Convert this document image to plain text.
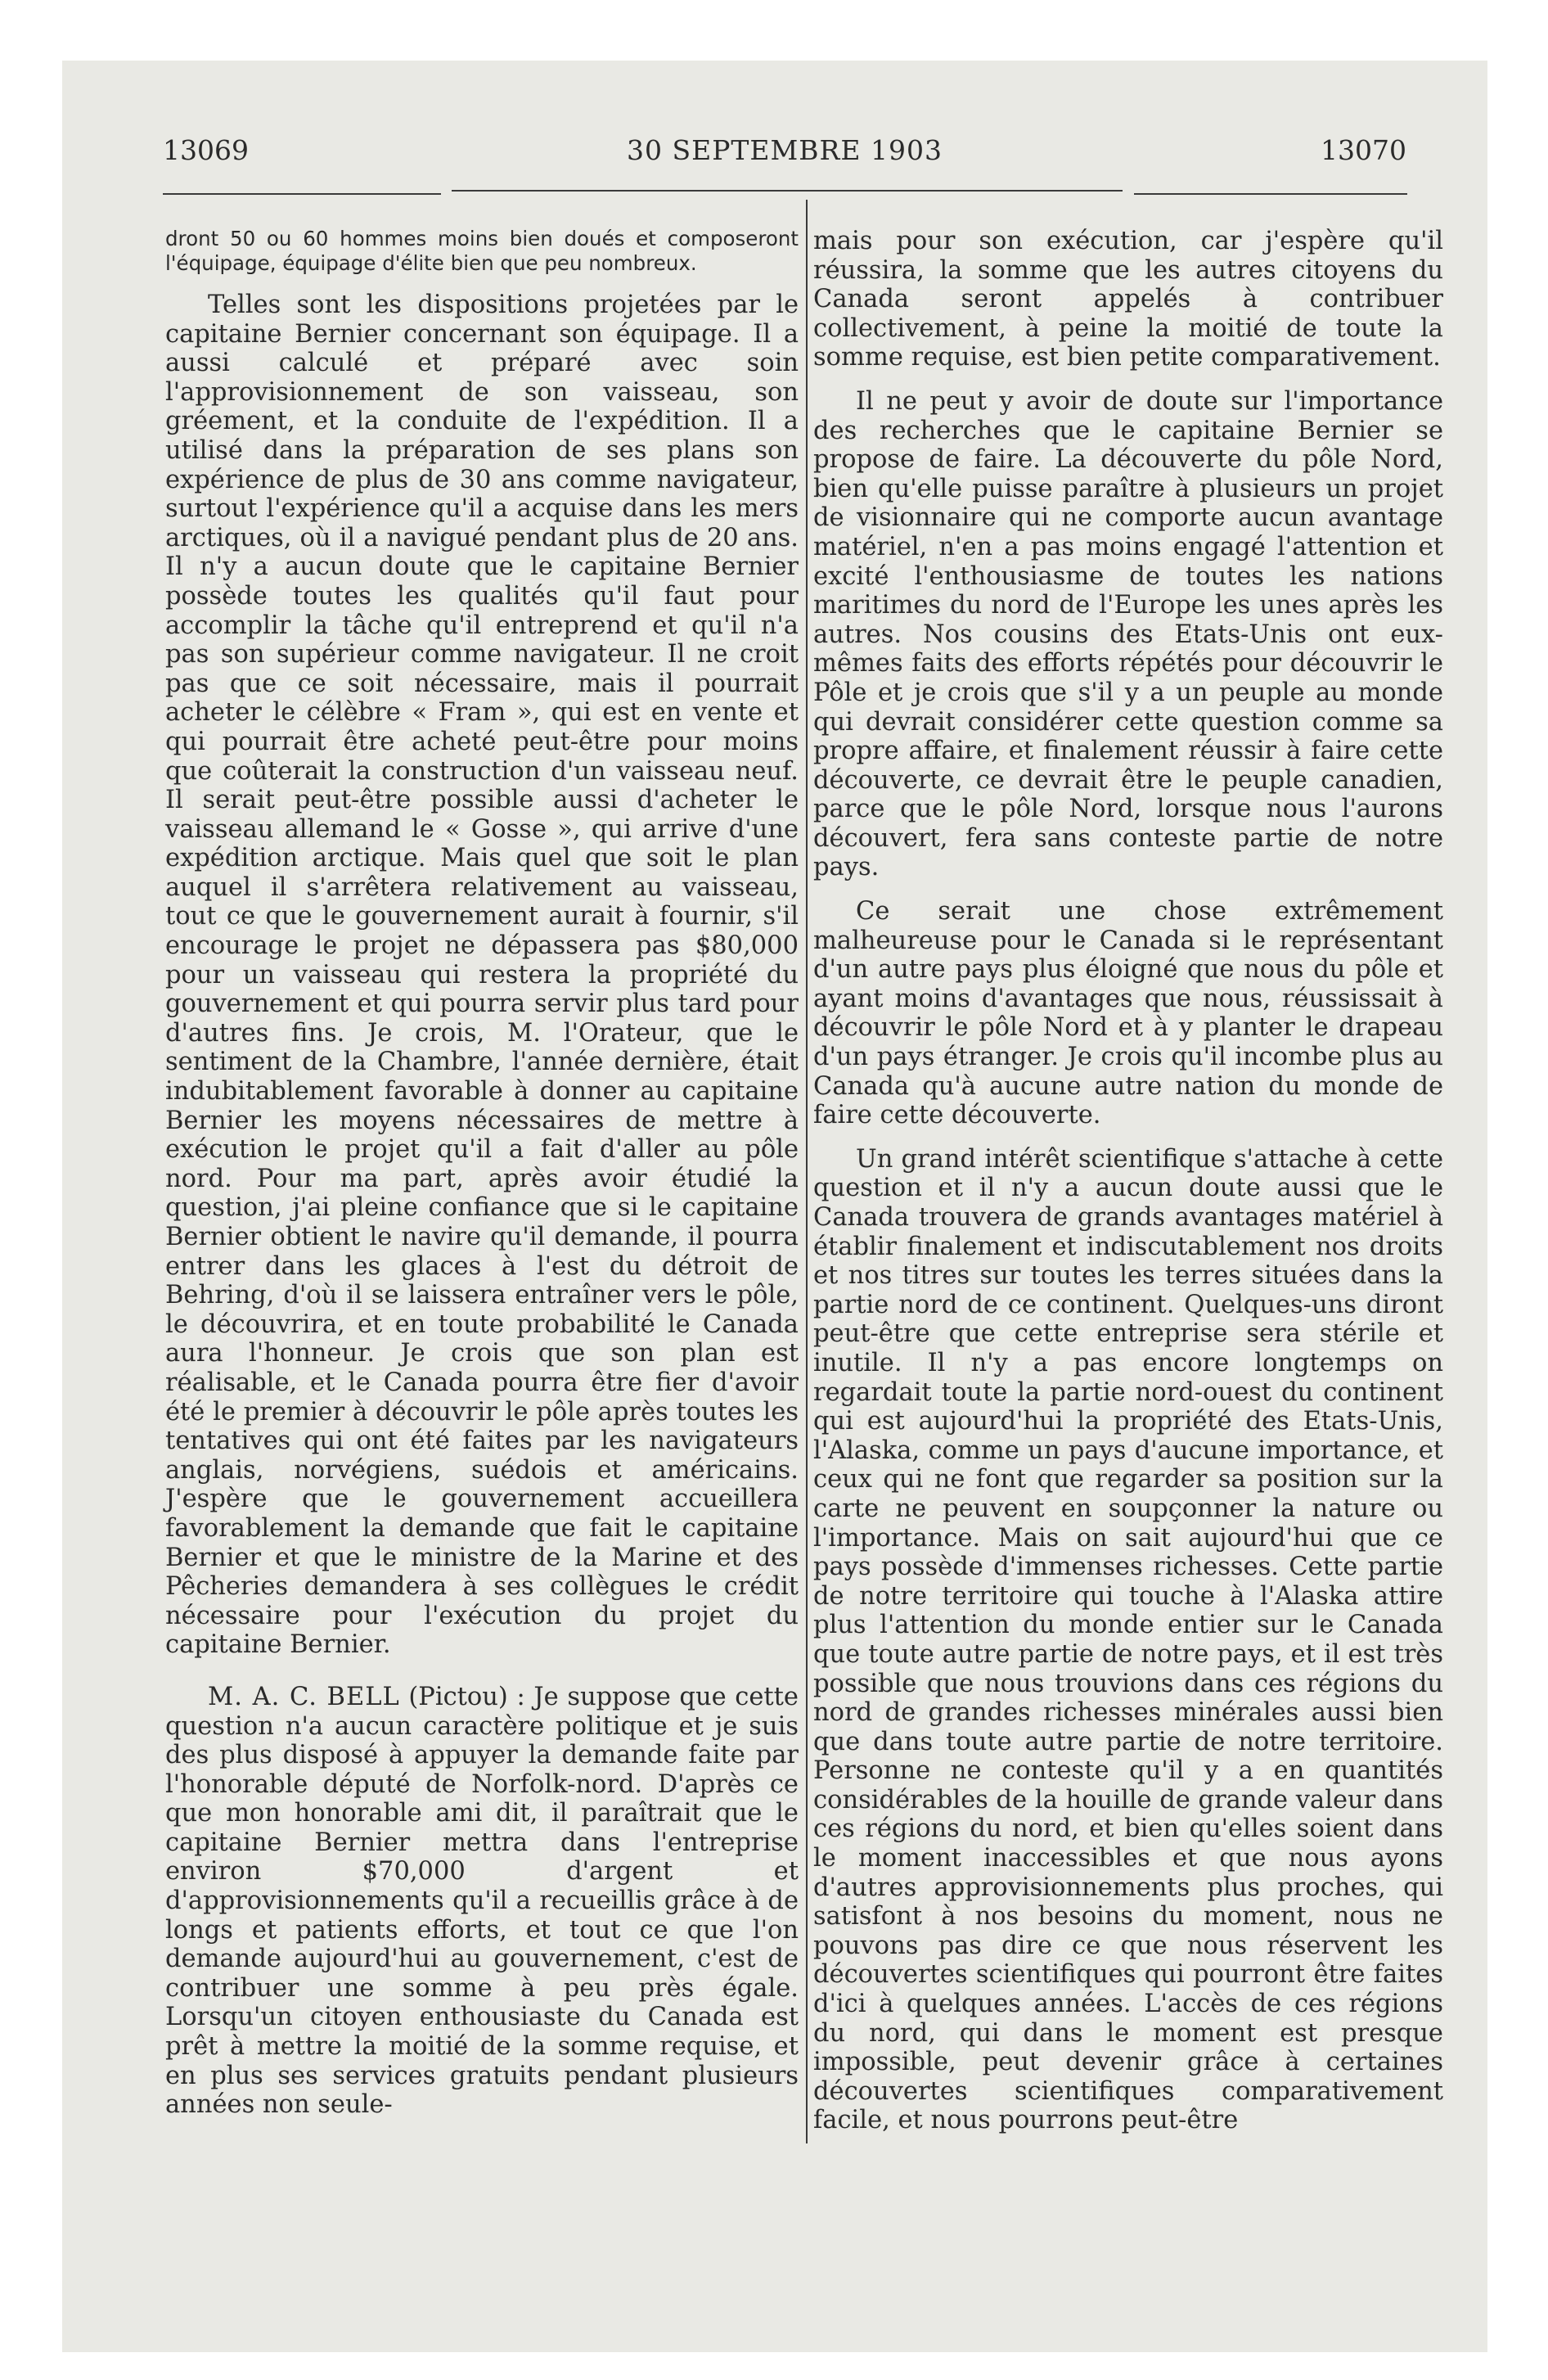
30 SEPTEMBRE 1903
13069	13070

dront 50 ou 60 hommes moins bien doués et composeront l'équipage, équipage d'élite bien que peu nombreux.

Telles sont les dispositions projetées par le capitaine Bernier concernant son équipage. Il a aussi calculé et préparé avec soin l'approvisionnement de son vaisseau, son gréement, et la conduite de l'expédition. Il a utilisé dans la préparation de ses plans son expérience de plus de 30 ans comme navigateur, surtout l'expérience qu'il a acquise dans les mers arctiques, où il a navigué pendant plus de 20 ans. Il n'y a aucun doute que le capitaine Bernier possède toutes les qualités qu'il faut pour accomplir la tâche qu'il entreprend et qu'il n'a pas son supérieur comme navigateur. Il ne croit pas que ce soit nécessaire, mais il pourrait acheter le célèbre « Fram », qui est en vente et qui pourrait être acheté peut-être pour moins que coûterait la construction d'un vaisseau neuf. Il serait peut-être possible aussi d'acheter le vaisseau allemand le « Gosse », qui arrive d'une expédition arctique. Mais quel que soit le plan auquel il s'arrêtera relativement au vaisseau, tout ce que le gouvernement aurait à fournir, s'il encourage le projet ne dépassera pas $80,000 pour un vaisseau qui restera la propriété du gouvernement et qui pourra servir plus tard pour d'autres fins. Je crois, M. l'Orateur, que le sentiment de la Chambre, l'année dernière, était indubitablement favorable à donner au capitaine Bernier les moyens nécessaires de mettre à exécution le projet qu'il a fait d'aller au pôle nord. Pour ma part, après avoir étudié la question, j'ai pleine confiance que si le capitaine Bernier obtient le navire qu'il demande, il pourra entrer dans les glaces à l'est du détroit de Behring, d'où il se laissera entraîner vers le pôle, le découvrira, et en toute probabilité le Canada aura l'honneur. Je crois que son plan est réalisable, et le Canada pourra être fier d'avoir été le premier à découvrir le pôle après toutes les tentatives qui ont été faites par les navigateurs anglais, norvégiens, suédois et américains. J'espère que le gouvernement accueillera favorablement la demande que fait le capitaine Bernier et que le ministre de la Marine et des Pêcheries demandera à ses collègues le crédit nécessaire pour l'exécution du projet du capitaine Bernier.

M. A. C. BELL (Pictou) : Je suppose que cette question n'a aucun caractère politique et je suis des plus disposé à appuyer la demande faite par l'honorable député de Norfolk-nord. D'après ce que mon honorable ami dit, il paraîtrait que le capitaine Bernier mettra dans l'entreprise environ $70,000 d'argent et d'approvisionnements qu'il a recueillis grâce à de longs et patients efforts, et tout ce que l'on demande aujourd'hui au gouvernement, c'est de contribuer une somme à peu près égale. Lorsqu'un citoyen enthousiaste du Canada est prêt à mettre la moitié de la somme requise, et en plus ses services gratuits pendant plusieurs années non seule-

mais pour son exécution, car j'espère qu'il réussira, la somme que les autres citoyens du Canada seront appelés à contribuer collectivement, à peine la moitié de toute la somme requise, est bien petite comparativement.

Il ne peut y avoir de doute sur l'importance des recherches que le capitaine Bernier se propose de faire. La découverte du pôle Nord, bien qu'elle puisse paraître à plusieurs un projet de visionnaire qui ne comporte aucun avantage matériel, n'en a pas moins engagé l'attention et excité l'enthousiasme de toutes les nations maritimes du nord de l'Europe les unes après les autres. Nos cousins des Etats-Unis ont eux-mêmes faits des efforts répétés pour découvrir le Pôle et je crois que s'il y a un peuple au monde qui devrait considérer cette question comme sa propre affaire, et finalement réussir à faire cette découverte, ce devrait être le peuple canadien, parce que le pôle Nord, lorsque nous l'aurons découvert, fera sans conteste partie de notre pays.

Ce serait une chose extrêmement malheureuse pour le Canada si le représentant d'un autre pays plus éloigné que nous du pôle et ayant moins d'avantages que nous, réussissait à découvrir le pôle Nord et à y planter le drapeau d'un pays étranger. Je crois qu'il incombe plus au Canada qu'à aucune autre nation du monde de faire cette découverte.

Un grand intérêt scientifique s'attache à cette question et il n'y a aucun doute aussi que le Canada trouvera de grands avantages matériel à établir finalement et indiscutablement nos droits et nos titres sur toutes les terres situées dans la partie nord de ce continent. Quelques-uns diront peut-être que cette entreprise sera stérile et inutile. Il n'y a pas encore longtemps on regardait toute la partie nord-ouest du continent qui est aujourd'hui la propriété des Etats-Unis, l'Alaska, comme un pays d'aucune importance, et ceux qui ne font que regarder sa position sur la carte ne peuvent en soupçonner la nature ou l'importance. Mais on sait aujourd'hui que ce pays possède d'immenses richesses. Cette partie de notre territoire qui touche à l'Alaska attire plus l'attention du monde entier sur le Canada que toute autre partie de notre pays, et il est très possible que nous trouvions dans ces régions du nord de grandes richesses minérales aussi bien que dans toute autre partie de notre territoire. Personne ne conteste qu'il y a en quantités considérables de la houille de grande valeur dans ces régions du nord, et bien qu'elles soient dans le moment inaccessibles et que nous ayons d'autres approvisionnements plus proches, qui satisfont à nos besoins du moment, nous ne pouvons pas dire ce que nous réservent les découvertes scientifiques qui pourront être faites d'ici à quelques années. L'accès de ces régions du nord, qui dans le moment est presque impossible, peut devenir grâce à certaines découvertes scientifiques comparativement facile, et nous pourrons peut-être
